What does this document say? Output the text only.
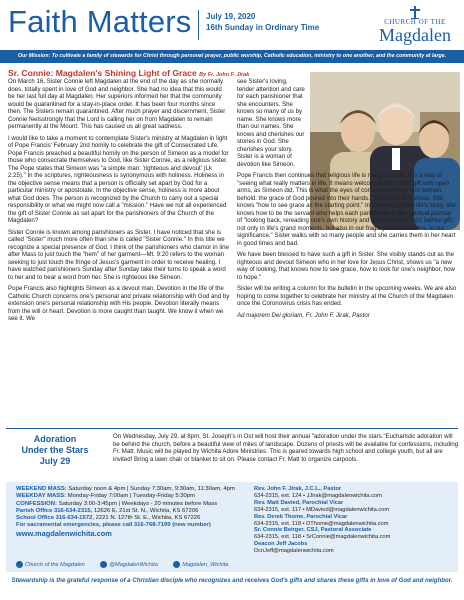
Faith Matters July 19, 2020
16th Sunday in Ordinary Time
CHURCH OF THE
Magdalen
Our Mission: To cultivate a family of stewards for Christ through personal prayer, public worship, Catholic education, ministry to one another, and the community at large.
Sr. Connie: Magdalen's Shining Light of Grace By Fr. John F. Jirak

On March 16, Sister Connie left Magdalen at the end of the day as she normally does, totally spent in love of God and neighbor. She had no idea that this would be her last full day at Magdalen. Her superiors informed her that the community would be quarantined for a stay-in-place order. It has been four months since then. The Sisters remain quarantined. After much prayer and discernment, Sister Connie feelsstrongly that the Lord is calling her on from Magdalen to remain permanently at the Mount. This has caused us all great sadness.

I would like to take a moment to contemplate Sister's ministry at Magdalen in light of Pope Francis' February 2nd homily to celebrate the gift of Consecrated Life. Pope Francis preached a beautiful homily on the person of Simeon as a model for those who consecrate themselves to God, like Sister Connie, as a religious sister. The Pope states that Simeon was "a simple man: 'righteous and devout' (Lk 2:25)." In the scriptures, righteousness is synonymous with holiness. Holiness in the objective sense means that a person is officially set apart by God for a particular ministry or apostolate. In the objective sense, holiness is more about what God does. The person is recognized by the Church to carry out a special responsibility or what we might now call a "mission." Have we not all experienced the gift of Sister Connie as set apart for the parishioners of the Church of the Magdalen?

Sister Connie is known among parishioners as Sister. I have noticed that she is called "Sister" much more often than she is called "Sister Connie." In this title we recognize a special presence of God. I think of the parishioners who clamor in line after Mass to just touch the "hem" of her garment—Mt. 9:20 refers to the woman seeking to just touch the fringe of Jesus's garment in order to receive healing. I have watched parishioners Sunday after Sunday take their turns to speak a word to her and to hear a word from her. She is righteous like Simeon.

Pope Francis also highlights Simeon as a devout man. Devotion in the life of the Catholic Church concerns one's personal and private relationship with God and by extension one's personal relationship with His people. Devotion literally means from the will or heart. Devotion is more caught than taught. We know it when we see it. We

see Sister's loving, tender attention and care for each parishioner that she encounters. She knows so many of us by name. She knows more than our names. She knows and cherishes our stories in God. She cherishes your story. Sister is a woman of devotion like Simeon.

Pope Francis then continues that religious life is really a vision. It is a way of "seeing what really matters in life. It means welcoming the Lord's gift with open arms, as Simeon did. This is what the eyes of consecrated men and women behold: the grace of God poured into their hands." Sister has this vision. She knows "how to see grace as the starting point." In listening to your life's story, she knows how to be the servant who helps each parishioner in the spiritual journey of "looking back, rereading one's own history and seeing there God's faithful gift: not only in life's grand moments, but also in our fragility and weakness, in our significance." Sister walks with so many people and she carries them in her heart in good times and bad.

We have been blessed to have such a gift in Sister. She visibly stands out as the righteous and devout Simeon who in her love for Jesus Christ, shows us "a new way of looking, that knows how to see grace, how to look for one's neighbor, how to hope."

Sister will be writing a column for the bulletin in the upcoming weeks. We are also hoping to come together to celebrate her ministry at the Church of the Magdalen once the Coronovirus crisis has ended.

Ad majorem Dei gloriam, Fr. John F. Jirak, Pastor

Adoration
Under the Stars
July 29
On Wednesday, July 29, at 8pm, St. Joseph's in Ost will host their annual "adoration under the stars."Eucharistic adoration will be behind the church, before a beautiful view of miles of landscape. Dozens of priests will be available for confessions, including Fr. Matt. Music will be played by Wichita Adore Ministries. This is geared towards high school and college youth, but all are invited! Bring a lawn chair or blanket to sit on. Please contact Fr. Matt to organize carpools.
WEEKEND MASS: Saturday noon & 4pm | Sunday 7:30am, 9:30am, 11:30am, 4pm
WEEKDAY MASS: Monday-Friday 7:00am | Tuesday-Friday 5:30pm
CONFESSION: Saturday 3:00-3:45pm | Weekdays - 20 minutes before Mass
Parish Office 316-634-2315, 12626 E. 21st St. N., Wichita, KS 67206
School Office 316-634-1572, 2221 N. 127th St. E., Wichita, KS 67226
For sacramental emergencies, please call 316-768-7199 (new number)
www.magdalenwichita.com
Church of the Magdalen	@MagdalenWichita	Magdalen_Wichita
Rev. John F. Jirak, J.C.L., Pastor
634-2315, ext. 124 • JJirak@magdalenwichita.com
Rev. Matt Davied, Parochial Vicar
634-2315, ext. 117 • MDavied@magdalenwichita.com
Rev. Derek Thome, Parochial Vicar
634-2315, ext. 118 • DThome@magdalenwichita.com
Sr. Connie Beirger, CSJ, Pastoral Associate
634-2315, ext. 118 • SrConnie@magdalenwichita.com
Deacon Jeff Jacobs
DcnJeff@magdalenwichita.com
Stewardship is the grateful response of a Christian disciple who recognizes and receives God's gifts and shares these gifts in love of God and neighbor.
